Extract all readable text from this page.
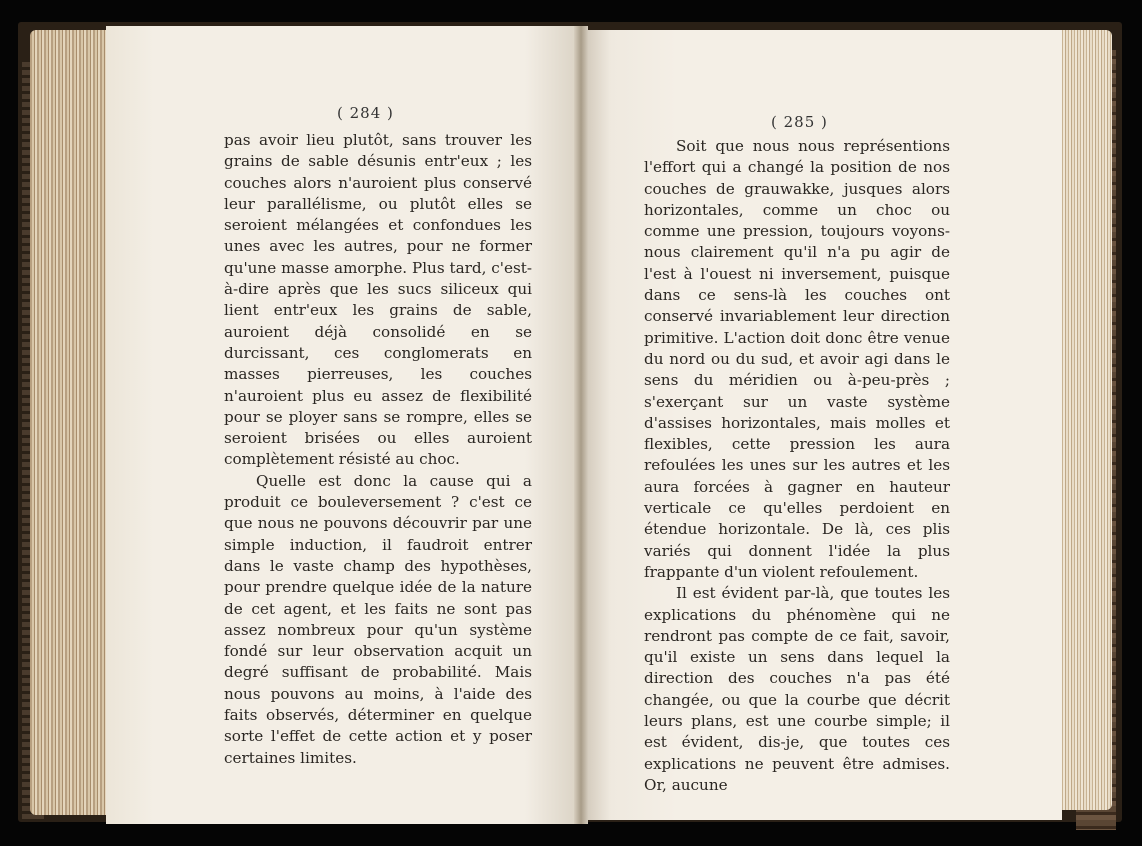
( 284 )

pas avoir lieu plutôt, sans trouver les grains de sable désunis entr'eux ; les couches alors n'auroient plus conservé leur parallélisme, ou plutôt elles se seroient mélangées et confondues les unes avec les autres, pour ne former qu'une masse amorphe. Plus tard, c'est-à-dire après que les sucs siliceux qui lient entr'eux les grains de sable, auroient déjà consolidé en se durcissant, ces conglomerats en masses pierreuses, les couches n'auroient plus eu assez de flexibilité pour se ployer sans se rompre, elles se seroient brisées ou elles auroient complètement résisté au choc.

Quelle est donc la cause qui a produit ce bouleversement ? c'est ce que nous ne pouvons découvrir par une simple induction, il faudroit entrer dans le vaste champ des hypothèses, pour prendre quelque idée de la nature de cet agent, et les faits ne sont pas assez nombreux pour qu'un système fondé sur leur observation acquit un degré suffisant de probabilité. Mais nous pouvons au moins, à l'aide des faits observés, déterminer en quelque sorte l'effet de cette action et y poser certaines limites.

( 285 )

Soit que nous nous représentions l'effort qui a changé la position de nos couches de grauwakke, jusques alors horizontales, comme un choc ou comme une pression, toujours voyons-nous clairement qu'il n'a pu agir de l'est à l'ouest ni inversement, puisque dans ce sens-là les couches ont conservé invariablement leur direction primitive. L'action doit donc être venue du nord ou du sud, et avoir agi dans le sens du méridien ou à-peu-près ; s'exerçant sur un vaste système d'assises horizontales, mais molles et flexibles, cette pression les aura refoulées les unes sur les autres et les aura forcées à gagner en hauteur verticale ce qu'elles perdoient en étendue horizontale. De là, ces plis variés qui donnent l'idée la plus frappante d'un violent refoulement.

Il est évident par-là, que toutes les explications du phénomène qui ne rendront pas compte de ce fait, savoir, qu'il existe un sens dans lequel la direction des couches n'a pas été changée, ou que la courbe que décrit leurs plans, est une courbe simple; il est évident, dis-je, que toutes ces explications ne peuvent être admises. Or, aucune
